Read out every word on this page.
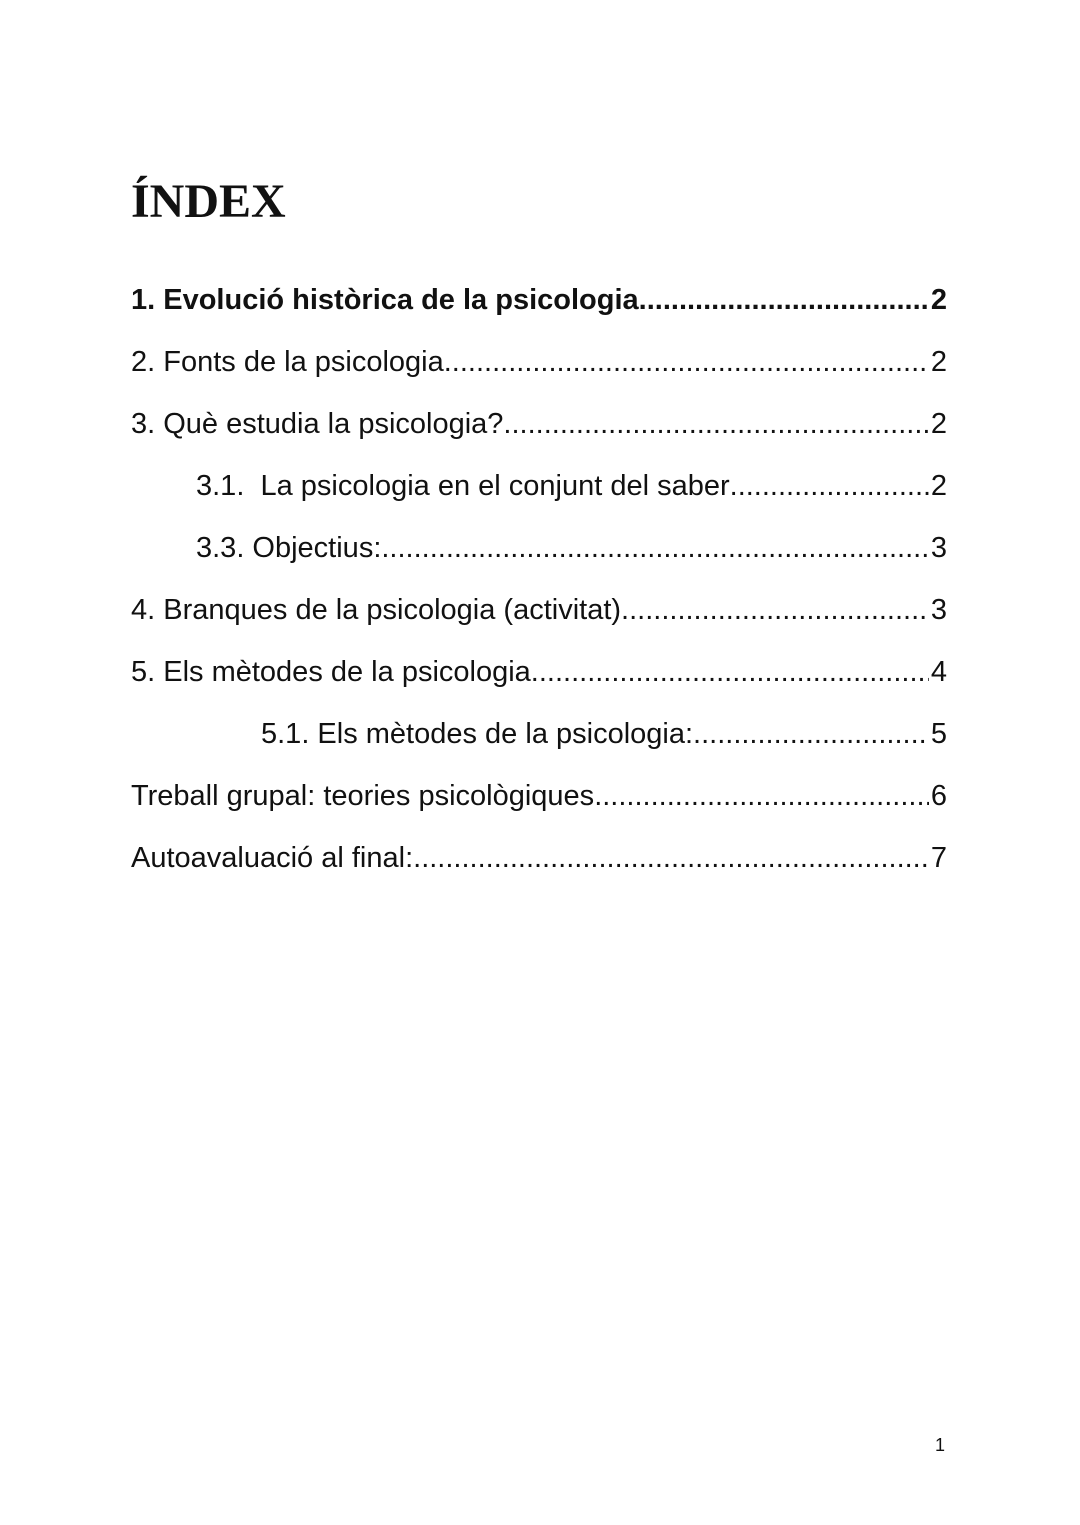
ÍNDEX
1. Evolució històrica de la psicologia .....	2
2. Fonts de la psicologia .....	2
3. Què estudia la psicologia? .....	2
3.1.  La psicologia en el conjunt del saber .....	2
3.3. Objectius: .....	3
4. Branques de la psicologia (activitat) .....	3
5. Els mètodes de la psicologia .....	4
5.1. Els mètodes de la psicologia: .....	5
Treball grupal: teories psicològiques .....	6
Autoavaluació al final: .....	7
1
